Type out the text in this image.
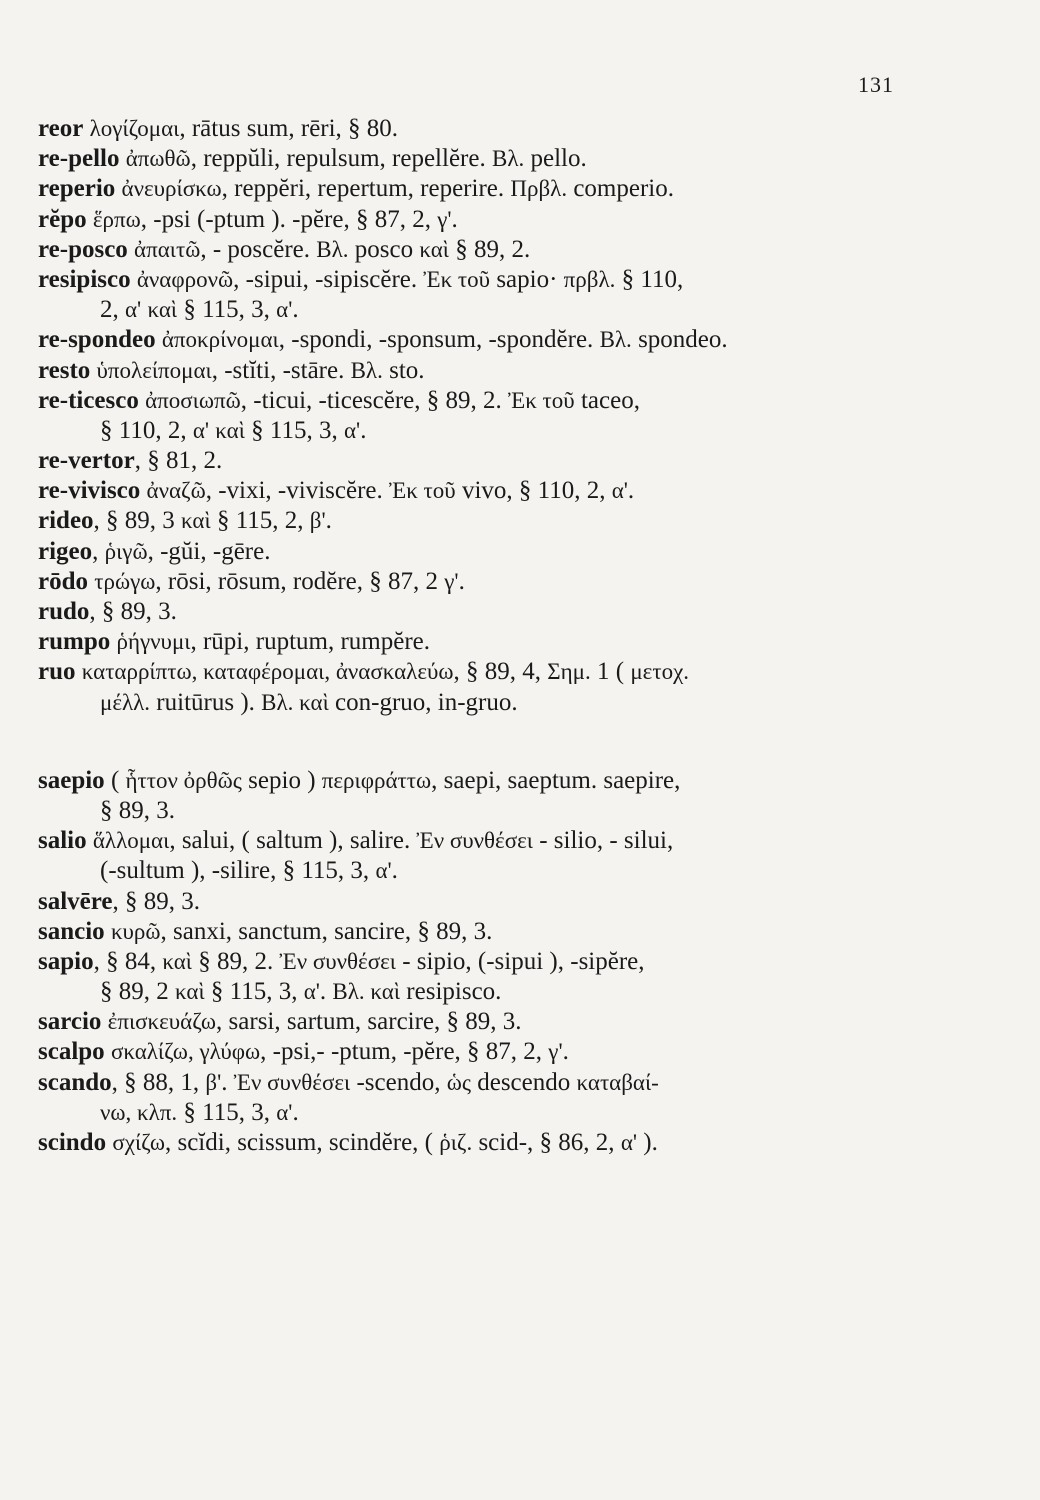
131
reor λογίζομαι, rātus sum, rēri, § 80.
re-pello ἀπωθῶ, reppŭli, repulsum, repellĕre. Βλ. pello.
reperio ἀνευρίσκω, reppĕri, repertum, reperire. Πρβλ. comperio.
rĕpo ἕρπω, -psi (-ptum ). -pĕre, § 87, 2, γ'.
re-posco ἀπαιτῶ, - poscĕre. Βλ. posco καὶ § 89, 2.
resipisco ἀναφρονῶ, -sipui, -sipiscĕre. Ἐκ τοῦ sapio· πρβλ. § 110,
2, α' καὶ § 115, 3, α'.
re-spondeo ἀποκρίνομαι, -spondi, -sponsum, -spondĕre. Βλ. spondeo.
resto ὑπολείπομαι, -stĭti, -stāre. Βλ. sto.
re-ticesco ἀποσιωπῶ, -ticui, -ticescĕre, § 89, 2. Ἐκ τοῦ taceo,
§ 110, 2, α' καὶ § 115, 3, α'.
re-vertor, § 81, 2.
re-vivisco ἀναζῶ, -vixi, -viviscĕre. Ἐκ τοῦ vivo, § 110, 2, α'.
rideo, § 89, 3 καὶ § 115, 2, β'.
rigeo, ῥιγῶ, -gŭi, -gēre.
rōdo τρώγω, rōsi, rōsum, rodĕre, § 87, 2 γ'.
rudo, § 89, 3.
rumpo ῥήγνυμι, rūpi, ruptum, rumpĕre.
ruo καταρρίπτω, καταφέρομαι, ἀνασκαλεύω, § 89, 4, Σημ. 1 ( μετοχ.
μέλλ. ruitūrus ). Βλ. καὶ con-gruo, in-gruo.
saepio ( ἧττον ὀρθῶς sepio ) περιφράττω, saepi, saeptum. saepire,
§ 89, 3.
salio ἅλλομαι, salui, ( saltum ), salire. Ἐν συνθέσει - silio, - silui,
(-sultum ), -silire, § 115, 3, α'.
salvēre, § 89, 3.
sancio κυρῶ, sanxi, sanctum, sancire, § 89, 3.
sapio, § 84, καὶ § 89, 2. Ἐν συνθέσει - sipio, (-sipui ), -sipĕre,
§ 89, 2 καὶ § 115, 3, α'. Βλ. καὶ resipisco.
sarcio ἐπισκευάζω, sarsi, sartum, sarcire, § 89, 3.
scalpo σκαλίζω, γλύφω, -psi,- -ptum, -pĕre, § 87, 2, γ'.
scando, § 88, 1, β'. Ἐν συνθέσει -scendo, ὡς descendo καταβαί-
νω, κλπ. § 115, 3, α'.
scindo σχίζω, scĭdi, scissum, scindĕre, ( ῥιζ. scid-, § 86, 2, α' ).
